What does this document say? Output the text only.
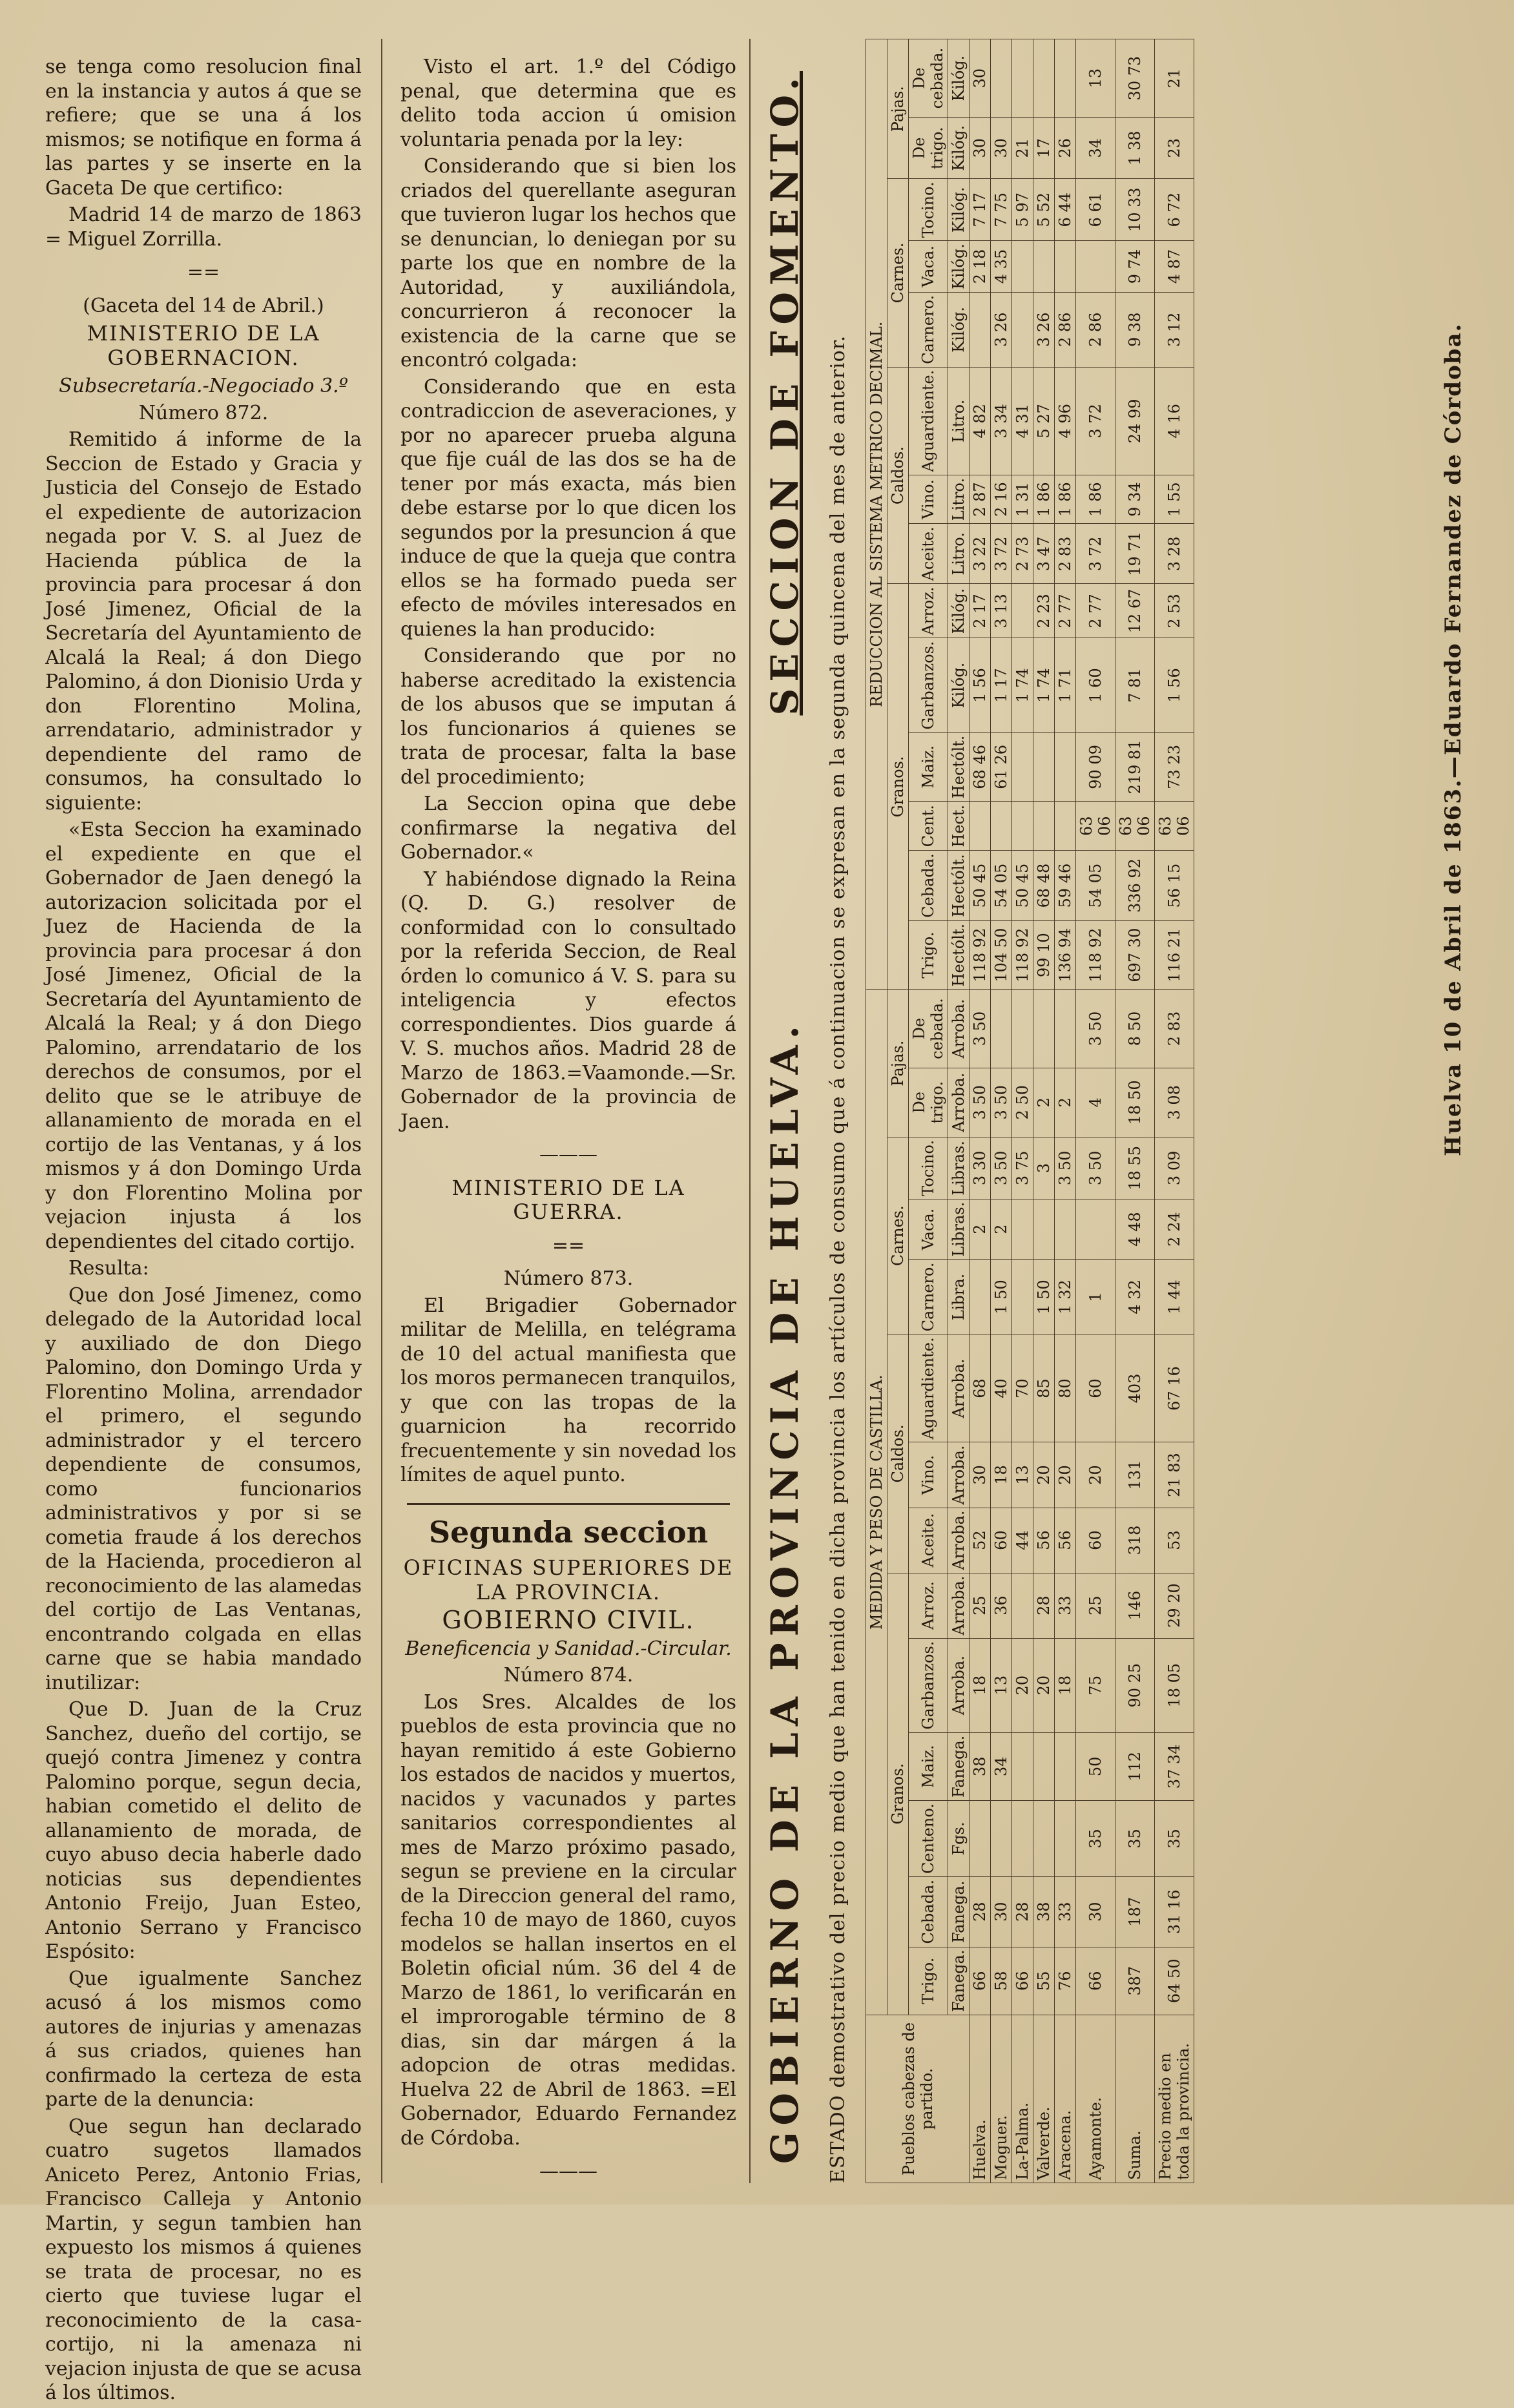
se tenga como resolucion final en la instancia y autos á que se refiere; que se una á los mismos; se notifique en forma á las partes y se inserte en la Gaceta De que certifico:

Madrid 14 de marzo de 1863 = Miguel Zorrilla.

==

(Gaceta del 14 de Abril.)

MINISTERIO DE LA GOBERNACION.

Subsecretaría.-Negociado 3.º

Número 872.

Remitido á informe de la Seccion de Estado y Gracia y Justicia del Consejo de Estado el expediente de autorizacion negada por V. S. al Juez de Hacienda pública de la provincia para procesar á don José Jimenez, Oficial de la Secretaría del Ayuntamiento de Alcalá la Real; á don Diego Palomino, á don Dionisio Urda y don Florentino Molina, arrendatario, administrador y dependiente del ramo de consumos, ha consultado lo siguiente:

«Esta Seccion ha examinado el expediente en que el Gobernador de Jaen denegó la autorizacion solicitada por el Juez de Hacienda de la provincia para procesar á don José Jimenez, Oficial de la Secretaría del Ayuntamiento de Alcalá la Real; y á don Diego Palomino, arrendatario de los derechos de consumos, por el delito que se le atribuye de allanamiento de morada en el cortijo de las Ventanas, y á los mismos y á don Domingo Urda y don Florentino Molina por vejacion injusta á los dependientes del citado cortijo.

Resulta:

Que don José Jimenez, como delegado de la Autoridad local y auxiliado de don Diego Palomino, don Domingo Urda y Florentino Molina, arrendador el primero, el segundo administrador y el tercero dependiente de consumos, como funcionarios administrativos y por si se cometia fraude á los derechos de la Hacienda, procedieron al reconocimiento de las alamedas del cortijo de Las Ventanas, encontrando colgada en ellas carne que se habia mandado inutilizar:

Que D. Juan de la Cruz Sanchez, dueño del cortijo, se quejó contra Jimenez y contra Palomino porque, segun decia, habian cometido el delito de allanamiento de morada, de cuyo abuso decia haberle dado noticias sus dependientes Antonio Freijo, Juan Esteo, Antonio Serrano y Francisco Espósito:

Que igualmente Sanchez acusó á los mismos como autores de injurias y amenazas á sus criados, quienes han confirmado la certeza de esta parte de la denuncia:

Que segun han declarado cuatro sugetos llamados Aniceto Perez, Antonio Frias, Francisco Calleja y Antonio Martin, y segun tambien han expuesto los mismos á quienes se trata de procesar, no es cierto que tuviese lugar el reconocimiento de la casa-cortijo, ni la amenaza ni vejacion injusta de que se acusa á los últimos.

Visto el art. 1.º del Código penal, que determina que es delito toda accion ú omision voluntaria penada por la ley:

Considerando que si bien los criados del querellante aseguran que tuvieron lugar los hechos que se denuncian, lo deniegan por su parte los que en nombre de la Autoridad, y auxiliándola, concurrieron á reconocer la existencia de la carne que se encontró colgada:

Considerando que en esta contradiccion de aseveraciones, y por no aparecer prueba alguna que fije cuál de las dos se ha de tener por más exacta, más bien debe estarse por lo que dicen los segundos por la presuncion á que induce de que la queja que contra ellos se ha formado pueda ser efecto de móviles interesados en quienes la han producido:

Considerando que por no haberse acreditado la existencia de los abusos que se imputan á los funcionarios á quienes se trata de procesar, falta la base del procedimiento;

La Seccion opina que debe confirmarse la negativa del Gobernador.«

Y habiéndose dignado la Reina (Q. D. G.) resolver de conformidad con lo consultado por la referida Seccion, de Real órden lo comunico á V. S. para su inteligencia y efectos correspondientes. Dios guarde á V. S. muchos años. Madrid 28 de Marzo de 1863.=Vaamonde.—Sr. Gobernador de la provincia de Jaen.

———

MINISTERIO DE LA GUERRA.

==

Número 873.

El Brigadier Gobernador militar de Melilla, en telégrama de 10 del actual manifiesta que los moros permanecen tranquilos, y que con las tropas de la guarnicion ha recorrido frecuentemente y sin novedad los límites de aquel punto.

Segunda seccion

OFICINAS SUPERIORES DE LA PROVINCIA.

GOBIERNO CIVIL.

Beneficencia y Sanidad.-Circular.

Número 874.

Los Sres. Alcaldes de los pueblos de esta provincia que no hayan remitido á este Gobierno los estados de nacidos y muertos, nacidos y vacunados y partes sanitarios correspondientes al mes de Marzo próximo pasado, segun se previene en la circular de la Direccion general del ramo, fecha 10 de mayo de 1860, cuyos modelos se hallan insertos en el Boletin oficial núm. 36 del 4 de Marzo de 1861, lo verificarán en el improrogable término de 8 dias, sin dar márgen á la adopcion de otras medidas. Huelva 22 de Abril de 1863. =El Gobernador, Eduardo Fernandez de Córdoba.

———

GOBIERNO DE LA PROVINCIA DE HUELVA.
SECCION DE FOMENTO. ESTADO demostrativo del precio medio que han tenido en dicha provincia los artículos de consumo que á continuacion se expresan en la segunda quincena del mes de anterior.	Pueblos cabezas de partido.	MEDIDA Y PESO DE CASTILLA.														REDUCCION AL SISTEMA METRICO DECIMAL.													
	Granos.						Caldos.			Carnes.			Pajas.		Granos.						Caldos.			Carnes.			Pajas.	
	Trigo.	Cebada.	Centeno.	Maiz.	Garbanzos.	Arroz.	Aceite.	Vino.	Aguardiente.	Carnero.	Vaca.	Tocino.	De trigo.	De cebada.	Trigo.	Cebada.	Cent.	Maiz.	Garbanzos.	Arroz.	Aceite.	Vino.	Aguardiente.	Carnero.	Vaca.	Tocino.	De trigo.	De cebada.
	Fanega.	Fanega.	Fgs.	Fanega.	Arroba.	Arroba.	Arroba.	Arroba.	Arroba.	Libra.	Libras.	Libras.	Arroba.	Arroba.	Hectólt.	Hectólt.	Hect.	Hectólt.	Kilóg.	Kilóg.	Litro.	Litro.	Litro.	Kilóg.	Kilóg.	Kilóg.	Kilóg.	Kilóg.
Huelva.	66	28		38	18	25	52	30	68		2	3 30	3 50	3 50	118 92	50 45		68 46	1 56	2 17	3 22	2 87	4 82		2 18	7 17	30	30
Moguer.	58	30		34	13	36	60	18	40	1 50	2	3 50	3 50		104 50	54 05		61 26	1 17	3 13	3 72	2 16	3 34	3 26	4 35	7 75	30	
La-Palma.	66	28			20		44	13	70			3 75	2 50		118 92	50 45			1 74		2 73	1 31	4 31			5 97	21	
Valverde.	55	38			20	28	56	20	85	1 50		3	2		99 10	68 48			1 74	2 23	3 47	1 86	5 27	3 26		5 52	17	
Aracena.	76	33			18	33	56	20	80	1 32		3 50	2		136 94	59 46			1 71	2 77	2 83	1 86	4 96	2 86		6 44	26	
Ayamonte.	66	30	35	50	75	25	60	20	60	1		3 50	4	3 50	118 92	54 05	63 06	90 09	1 60	2 77	3 72	1 86	3 72	2 86		6 61	34	13
Suma.	387	187	35	112	90 25	146	318	131	403	4 32	4 48	18 55	18 50	8 50	697 30	336 92	63 06	219 81	7 81	12 67	19 71	9 34	24 99	9 38	9 74	10 33	1 38	30 73
Precio medio en toda la provincia.	64 50	31 16	35	37 34	18 05	29 20	53	21 83	67 16	1 44	2 24	3 09	3 08	2 83	116 21	56 15	63 06	73 23	1 56	2 53	3 28	1 55	4 16	3 12	4 87	6 72	23	21
Huelva 10 de Abril de 1863.—Eduardo Fernandez de Córdoba.
